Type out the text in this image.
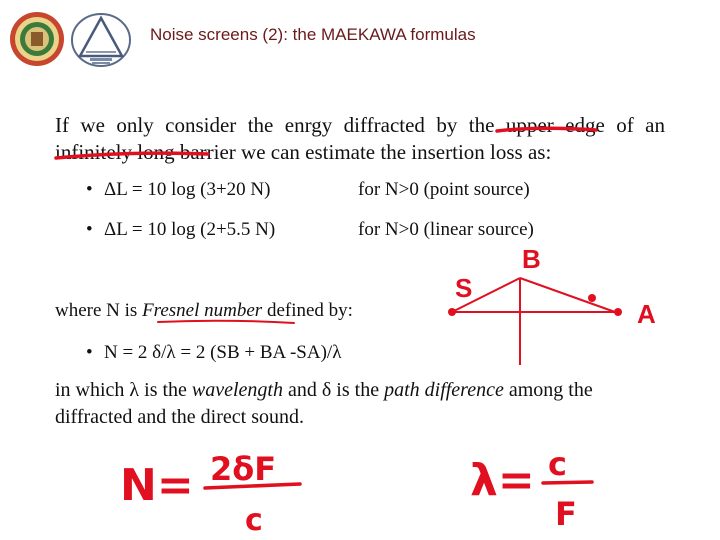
Noise screens (2): the MAEKAWA formulas
If we only consider the enrgy diffracted by the upper edge of an infinitely long barrier we can estimate the insertion loss as:
• ΔL = 10 log (3+20 N)	for N>0 (point source)
• ΔL = 10 log (2+5.5 N)	for N>0 (linear source)
where N is Fresnel number defined by:
• N = 2 δ/λ = 2 (SB + BA -SA)/λ
in which λ is the wavelength and δ is the path difference among the diffracted and the direct sound.
S
B
A
N= 2δF
c
λ= c
F
